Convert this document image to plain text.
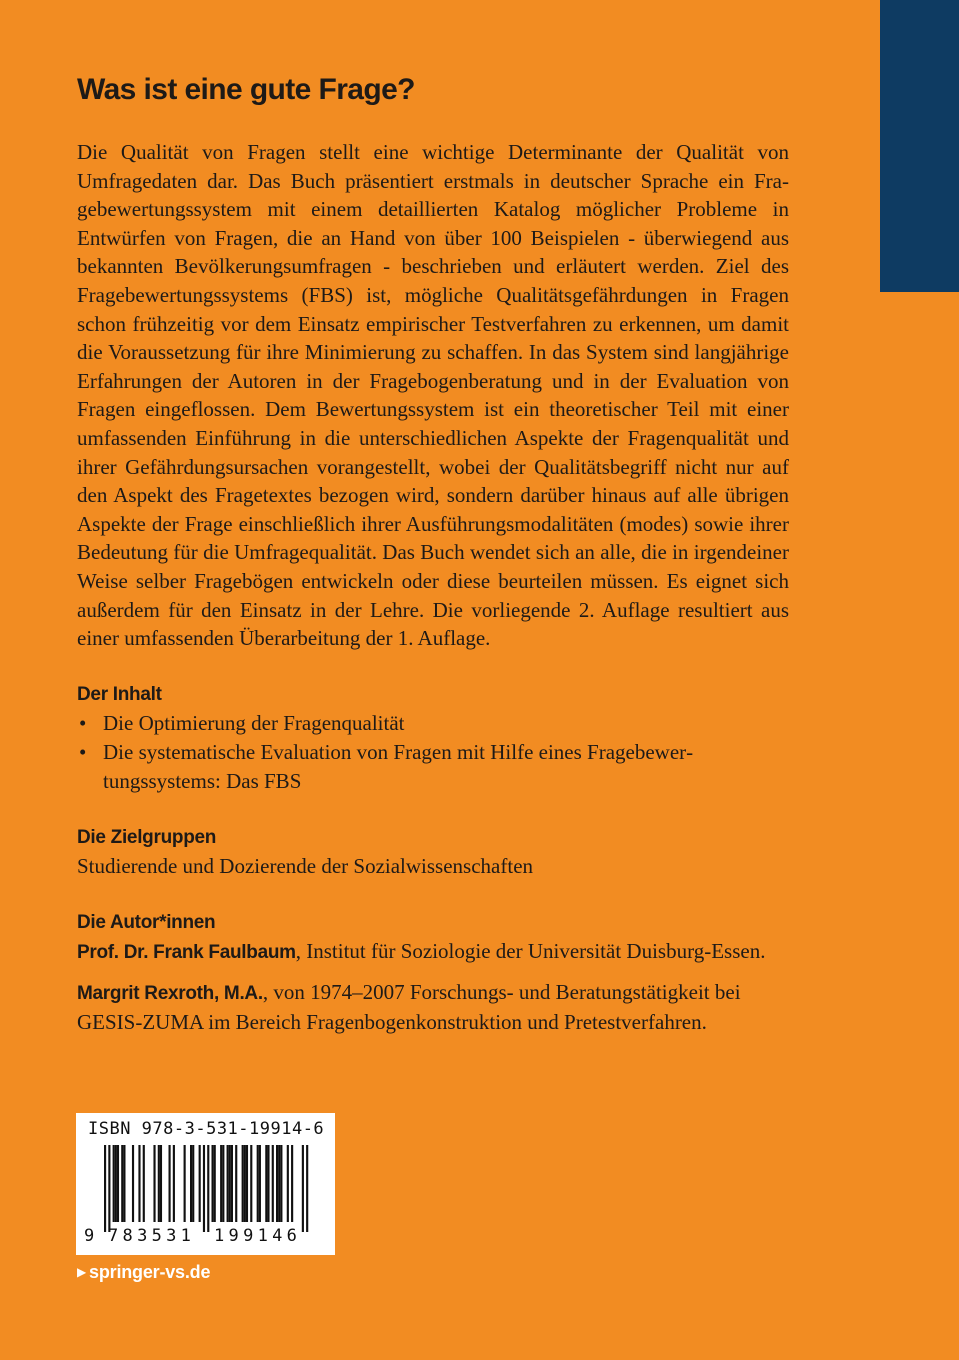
Was ist eine gute Frage?

Die Qualität von Fragen stellt eine wichtige Determinante der Qualität von Umfragedaten dar. Das Buch präsentiert erstmals in deutscher Sprache ein Fragebewertungssystem mit einem detaillierten Katalog möglicher Probleme in Entwürfen von Fragen, die an Hand von über 100 Beispielen - überwiegend aus bekannten Bevölkerungsumfragen - beschrieben und erläutert werden. Ziel des Fragebewertungssystems (FBS) ist, mögliche Qualitätsgefährdungen in Fragen schon frühzeitig vor dem Einsatz empirischer Testverfahren zu erkennen, um damit die Voraussetzung für ihre Minimierung zu schaffen. In das System sind langjährige Erfahrungen der Autoren in der Fragebogenberatung und in der Evaluation von Fragen eingeflossen. Dem Bewertungssystem ist ein theoretischer Teil mit einer umfassenden Einführung in die unterschiedlichen Aspekte der Fragenqualität und ihrer Gefährdungsursachen vorangestellt, wobei der Qualitätsbegriff nicht nur auf den Aspekt des Fragetextes bezogen wird, sondern darüber hinaus auf alle übrigen Aspekte der Frage einschließlich ihrer Ausführungsmodalitäten (modes) sowie ihrer Bedeutung für die Umfragequalität. Das Buch wendet sich an alle, die in irgendeiner Weise selber Fragebögen entwickeln oder diese beurteilen müssen. Es eignet sich außerdem für den Einsatz in der Lehre. Die vorliegende 2. Auflage resultiert aus einer umfassenden Überarbeitung der 1. Auflage.

Der Inhalt
• Die Optimierung der Fragenqualität
• Die systematische Evaluation von Fragen mit Hilfe eines Fragebewertungssystems: Das FBS
Die Zielgruppen

Studierende und Dozierende der Sozialwissenschaften

Die Autor*innen

Prof. Dr. Frank Faulbaum, Institut für Soziologie der Universität Duisburg-Essen.

Margrit Rexroth, M.A., von 1974–2007 Forschungs- und Beratungstätigkeit bei GESIS-ZUMA im Bereich Fragenbogenkonstruktion und Pretestverfahren.

ISBN 978-3-531-19914-6
9 783531 199146
▶ springer-vs.de
